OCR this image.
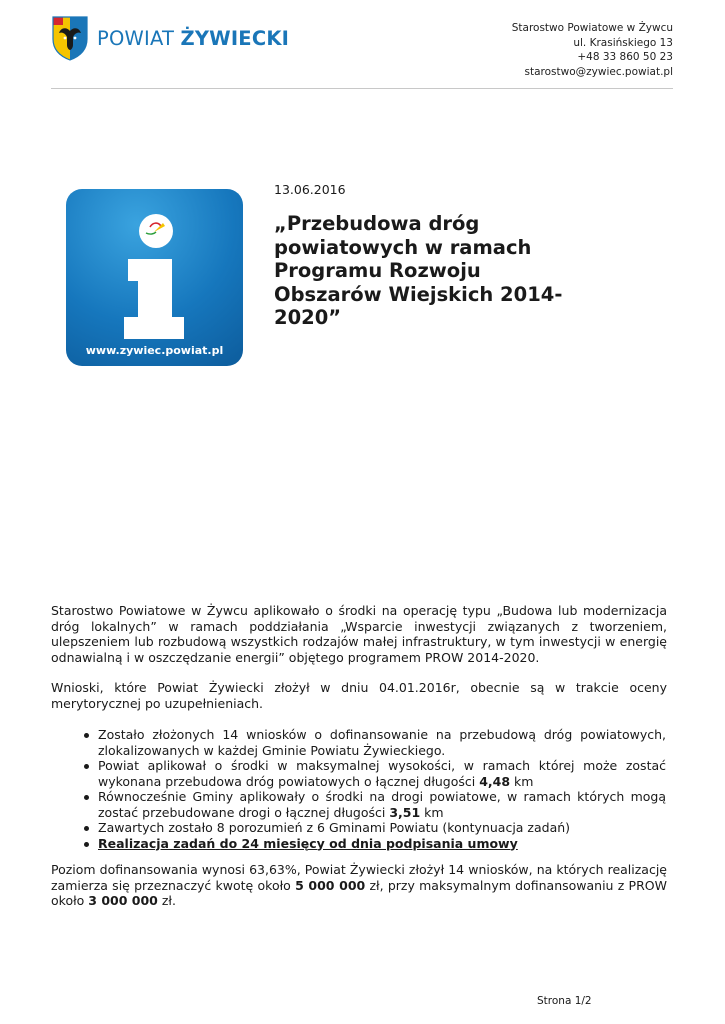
POWIAT ŻYWIECKI	Starostwo Powiatowe w Żywcu
ul. Krasińskiego 13
+48 33 860 50 23
starostwo@zywiec.powiat.pl
www.zywiec.powiat.pl
13.06.2016
„Przebudowa dróg powiatowych w ramach Programu Rozwoju Obszarów Wiejskich 2014-2020”
Starostwo Powiatowe w Żywcu aplikowało o środki na operację typu „Budowa lub modernizacja dróg lokalnych” w ramach poddziałania „Wsparcie inwestycji związanych z tworzeniem, ulepszeniem lub rozbudową wszystkich rodzajów małej infrastruktury, w tym inwestycji w energię odnawialną i w oszczędzanie energii” objętego programem PROW 2014-2020.
Wnioski, które Powiat Żywiecki złożył w dniu 04.01.2016r, obecnie są w trakcie oceny merytorycznej po uzupełnieniach.
Zostało złożonych 14 wniosków o dofinansowanie na przebudową dróg powiatowych, zlokalizowanych w każdej Gminie Powiatu Żywieckiego.
Powiat aplikował o środki w maksymalnej wysokości, w ramach której może zostać wykonana przebudowa dróg powiatowych o łącznej długości 4,48 km
Równocześnie Gminy aplikowały o środki na drogi powiatowe, w ramach których mogą zostać przebudowane drogi o łącznej długości 3,51 km
Zawartych zostało 8 porozumień z 6 Gminami Powiatu (kontynuacja zadań)
Realizacja zadań do 24 miesięcy od dnia podpisania umowy
Poziom dofinansowania wynosi 63,63%, Powiat Żywiecki złożył 14 wniosków, na których realizację zamierza się przeznaczyć kwotę około 5 000 000 zł, przy maksymalnym dofinansowaniu z PROW około 3 000 000 zł.
Strona 1/2
